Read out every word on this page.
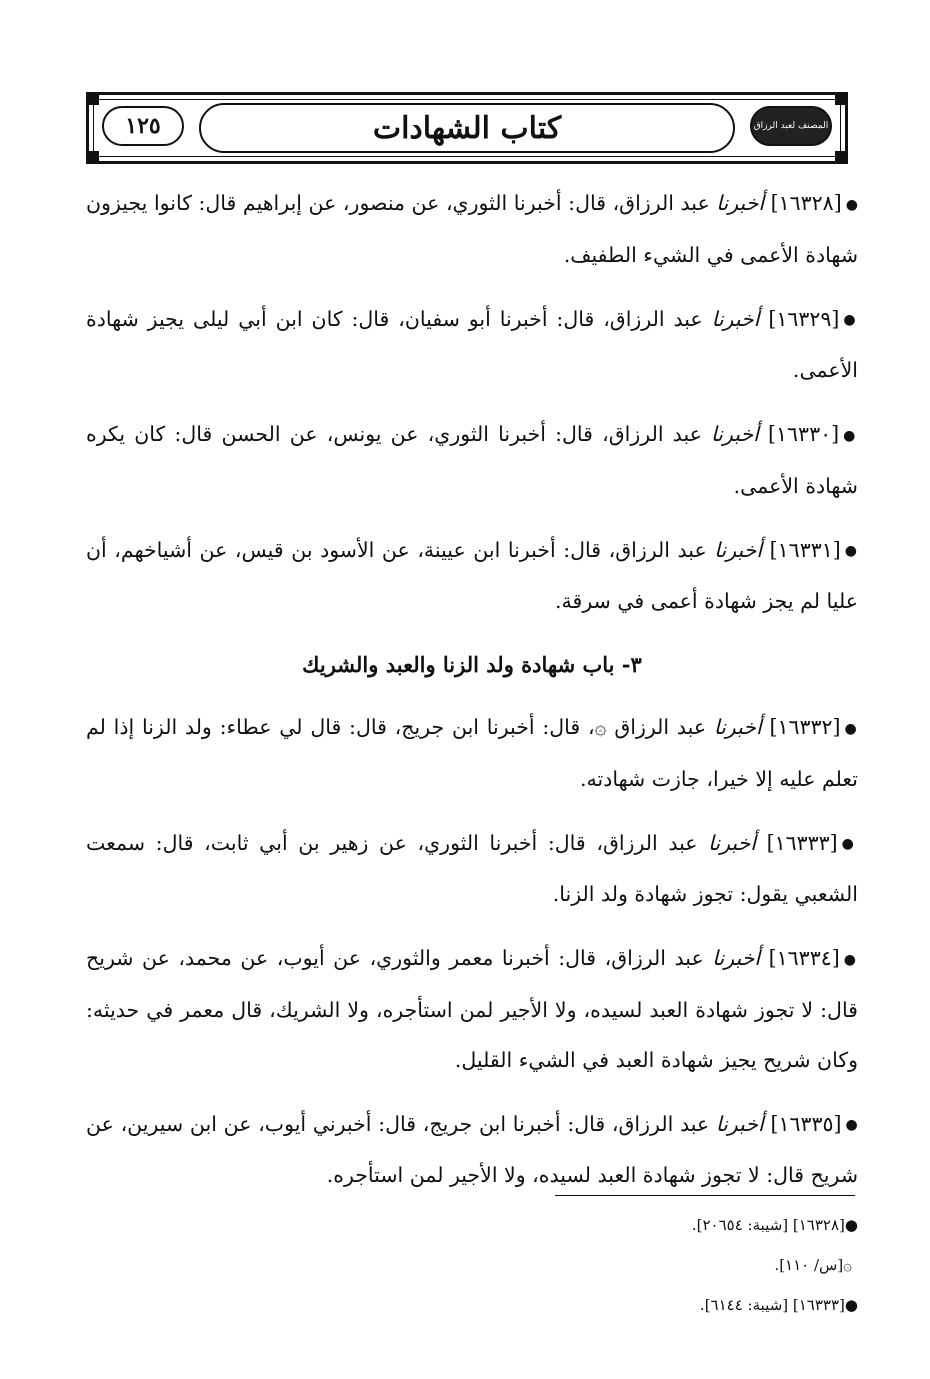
المصنف لعبد الرزاق
كتاب الشهادات
١٢٥
●[١٦٣٢٨] أخبرنا عبد الرزاق، قال: أخبرنا الثوري، عن منصور، عن إبراهيم قال: كانوا يجيزون شهادة الأعمى في الشيء الطفيف.
●[١٦٣٢٩] أخبرنا عبد الرزاق، قال: أخبرنا أبو سفيان، قال: كان ابن أبي ليلى يجيز شهادة الأعمى.
●[١٦٣٣٠] أخبرنا عبد الرزاق، قال: أخبرنا الثوري، عن يونس، عن الحسن قال: كان يكره شهادة الأعمى.
●[١٦٣٣١] أخبرنا عبد الرزاق، قال: أخبرنا ابن عيينة، عن الأسود بن قيس، عن أشياخهم، أن عليا لم يجز شهادة أعمى في سرقة.
٣- باب شهادة ولد الزنا والعبد والشريك
●[١٦٣٣٢] أخبرنا عبد الرزاق ۞، قال: أخبرنا ابن جريج، قال: قال لي عطاء: ولد الزنا إذا لم تعلم عليه إلا خيرا، جازت شهادته.
●[١٦٣٣٣] أخبرنا عبد الرزاق، قال: أخبرنا الثوري، عن زهير بن أبي ثابت، قال: سمعت الشعبي يقول: تجوز شهادة ولد الزنا.
●[١٦٣٣٤] أخبرنا عبد الرزاق، قال: أخبرنا معمر والثوري، عن أيوب، عن محمد، عن شريح قال: لا تجوز شهادة العبد لسيده، ولا الأجير لمن استأجره، ولا الشريك، قال معمر في حديثه: وكان شريح يجيز شهادة العبد في الشيء القليل.
●[١٦٣٣٥] أخبرنا عبد الرزاق، قال: أخبرنا ابن جريج، قال: أخبرني أيوب، عن ابن سيرين، عن شريح قال: لا تجوز شهادة العبد لسيده، ولا الأجير لمن استأجره.
●[١٦٣٢٨] [شيبة: ٢٠٦٥٤].
۞[س/ ١١٠].
●[١٦٣٣٣] [شيبة: ٦١٤٤].
